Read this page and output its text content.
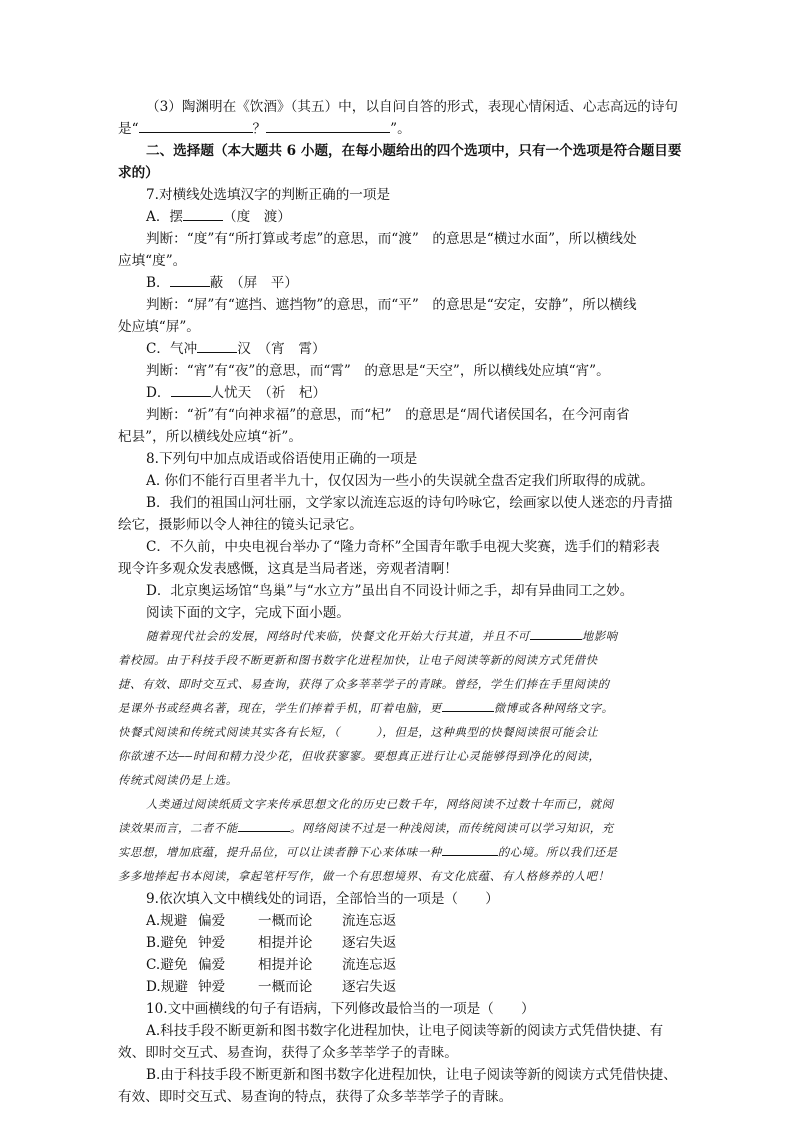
（3）陶渊明在《饮酒》（其五）中，以自问自答的形式，表现心情闲适、心志高远的诗句

是“	？	”。

二、选择题（本大题共 6 小题，在每小题给出的四个选项中，只有一个选项是符合题目要

求的）

7.对横线处选填汉字的判断正确的一项是

A．摆	（度　渡）

判断：“度”有“所打算或考虑”的意思，而“渡”　的意思是“横过水面”，所以横线处

应填“度”。

B．	蔽　（屏　平）

判断：“屏”有“遮挡、遮挡物”的意思，而“平”　的意思是“安定，安静”，所以横线

处应填“屏”。

C．气冲	汉　（宵　霄）

判断：“宵”有“夜”的意思，而“霄”　的意思是“天空”，所以横线处应填“宵”。

D．	人忧天　（祈　杞）

判断：“祈”有“向神求福”的意思，而“杞”　的意思是“周代诸侯国名，在今河南省

杞县”，所以横线处应填“祈”。

8.下列句中加点成语或俗语使用正确的一项是

A. 你们不能行百里者半九十，仅仅因为一些小的失误就全盘否定我们所取得的成就。

B．我们的祖国山河壮丽，文学家以流连忘返的诗句吟咏它，绘画家以使人迷恋的丹青描

绘它，摄影师以令人神往的镜头记录它。

C．不久前，中央电视台举办了“隆力奇杯”全国青年歌手电视大奖赛，选手们的精彩表

现令许多观众发表感慨，这真是当局者迷，旁观者清啊！

D．北京奥运场馆“鸟巢”与“水立方”虽出自不同设计师之手，却有异曲同工之妙。

阅读下面的文字，完成下面小题。

随着现代社会的发展，网络时代来临，快餐文化开始大行其道，并且不可	地影响

着校园。由于科技手段不断更新和图书数字化进程加快，让电子阅读等新的阅读方式凭借快

捷、有效、即时交互式、易查询，获得了众多莘莘学子的青睐。曾经，学生们捧在手里阅读的

是课外书或经典名著，现在，学生们捧着手机，盯着电脑，更	微博或各种网络文字。

快餐式阅读和传统式阅读其实各有长短，（　　　），但是，这种典型的快餐阅读很可能会让

你欲速不达——时间和精力没少花，但收获寥寥。要想真正进行让心灵能够得到净化的阅读，

传统式阅读仍是上选。

人类通过阅读纸质文字来传承思想文化的历史已数千年，网络阅读不过数十年而已，就阅

读效果而言，二者不能	。网络阅读不过是一种浅阅读，而传统阅读可以学习知识，充

实思想，增加底蕴，提升品位，可以让读者静下心来体味一种	的心境。所以我们还是

多多地捧起书本阅读，拿起笔杆写作，做一个有思想境界、有文化底蕴、有人格修养的人吧！

9.依次填入文中横线处的词语，全部恰当的一项是（　　）

A.规避 偏爱	一概而论	流连忘返
B.避免 钟爱	相提并论	逐宕失返
C.避免 偏爱	相提并论	流连忘返
D.规避 钟爱	一概而论	逐宕失返

10.文中画横线的句子有语病，下列修改最恰当的一项是（　　）

A.科技手段不断更新和图书数字化进程加快，让电子阅读等新的阅读方式凭借快捷、有

效、即时交互式、易查询，获得了众多莘莘学子的青睐。

B.由于科技手段不断更新和图书数字化进程加快，让电子阅读等新的阅读方式凭借快捷、

有效、即时交互式、易查询的特点，获得了众多莘莘学子的青睐。
